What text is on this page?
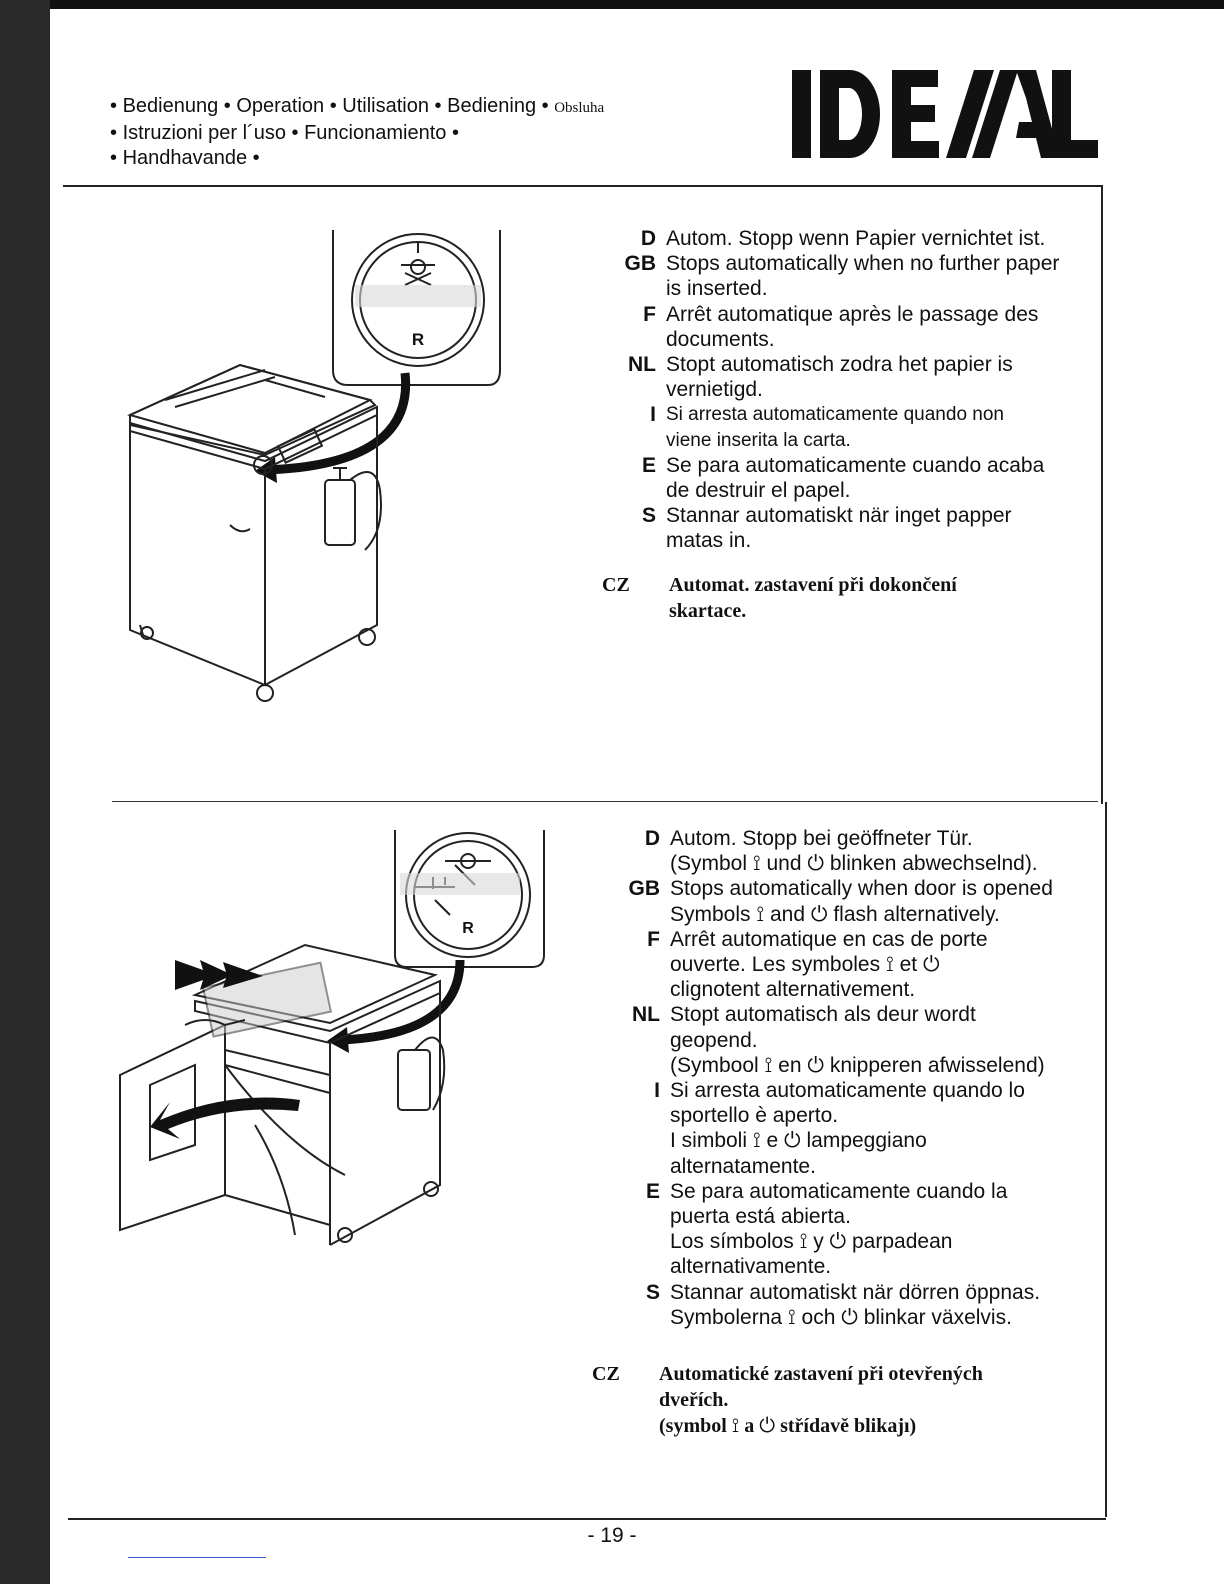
• Bedienung • Operation • Utilisation • Bediening • Obsluha
• Istruzioni per l´uso • Funcionamiento •
• Handhavande •
R
R
D Autom. Stopp wenn Papier vernichtet ist.
GB Stops automatically when no further paper
is inserted.
F Arrêt automatique après le passage des
documents.
NL Stopt automatisch zodra het papier is
vernietigd.
I Si arresta automaticamente quando non
viene inserita la carta.
E Se para automaticamente cuando acaba
de destruir el papel.
S Stannar automatiskt när inget papper
matas in.
CZ	Automat. zastavení při dokončení
skartace.
D Autom. Stopp bei geöffneter Tür.
(Symbol ⟟ und ⏻ blinken abwechselnd).
GB Stops automatically when door is opened
Symbols ⟟ and ⏻ flash alternatively.
F Arrêt automatique en cas de porte
ouverte. Les symboles ⟟ et ⏻
clignotent alternativement.
NL Stopt automatisch als deur wordt
geopend.
(Symbool ⟟ en ⏻ knipperen afwisselend)
I Si arresta automaticamente quando lo
sportello è aperto.
I simboli ⟟ e ⏻ lampeggiano
alternatamente.
E Se para automaticamente cuando la
puerta está abierta.
Los símbolos ⟟ y ⏻ parpadean
alternativamente.
S Stannar automatiskt när dörren öppnas.
Symbolerna ⟟ och ⏻ blinkar växelvis.
CZ	Automatické zastavení při otevřených
dveřích.
(symbol ⟟ a ⏻ střídavě blikajı)
- 19 -
